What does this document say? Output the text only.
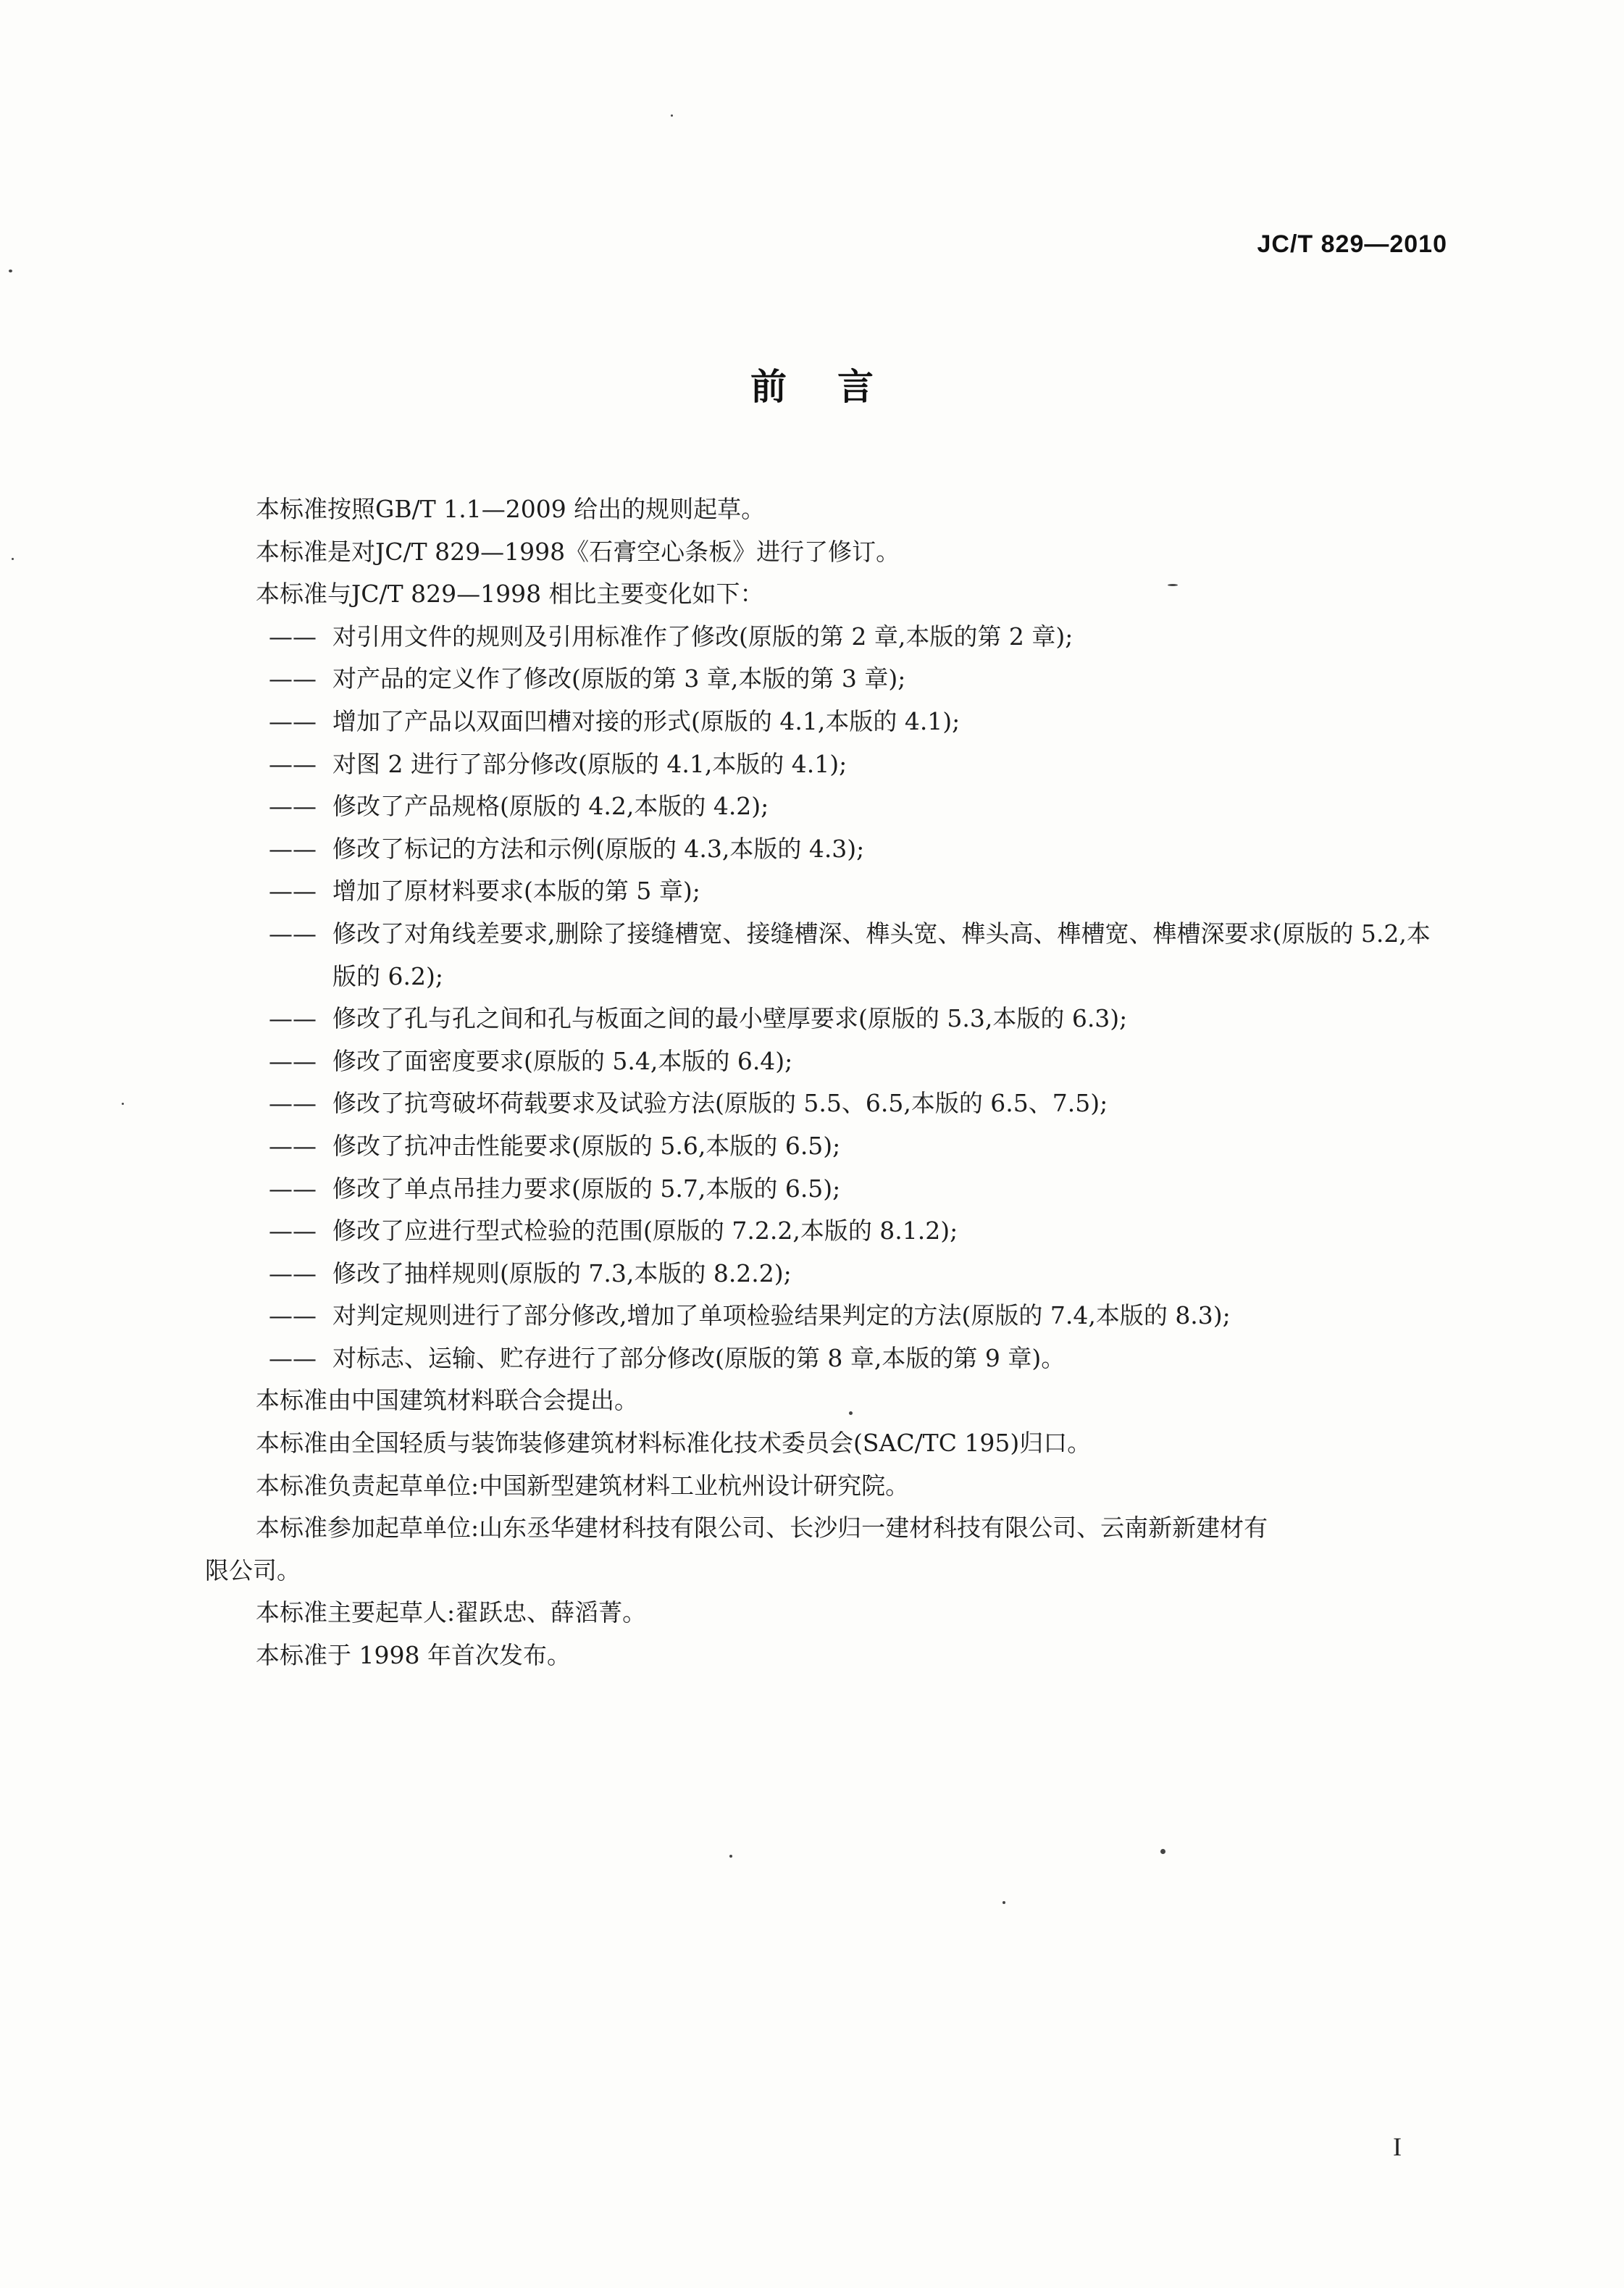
JC/T 829—2010
前言

本标准按照GB/T 1.1—2009 给出的规则起草。

本标准是对JC/T 829—1998《石膏空心条板》进行了修订。

本标准与JC/T 829—1998 相比主要变化如下：

—— 对引用文件的规则及引用标准作了修改(原版的第 2 章,本版的第 2 章);

—— 对产品的定义作了修改(原版的第 3 章,本版的第 3 章);

—— 增加了产品以双面凹槽对接的形式(原版的 4.1,本版的 4.1);

—— 对图 2 进行了部分修改(原版的 4.1,本版的 4.1);

—— 修改了产品规格(原版的 4.2,本版的 4.2);

—— 修改了标记的方法和示例(原版的 4.3,本版的 4.3);

—— 增加了原材料要求(本版的第 5 章);

—— 修改了对角线差要求,删除了接缝槽宽、接缝槽深、榫头宽、榫头高、榫槽宽、榫槽深要求(原版的 5.2,本版的 6.2);

—— 修改了孔与孔之间和孔与板面之间的最小壁厚要求(原版的 5.3,本版的 6.3);

—— 修改了面密度要求(原版的 5.4,本版的 6.4);

—— 修改了抗弯破坏荷载要求及试验方法(原版的 5.5、6.5,本版的 6.5、7.5);

—— 修改了抗冲击性能要求(原版的 5.6,本版的 6.5);

—— 修改了单点吊挂力要求(原版的 5.7,本版的 6.5);

—— 修改了应进行型式检验的范围(原版的 7.2.2,本版的 8.1.2);

—— 修改了抽样规则(原版的 7.3,本版的 8.2.2);

—— 对判定规则进行了部分修改,增加了单项检验结果判定的方法(原版的 7.4,本版的 8.3);

—— 对标志、运输、贮存进行了部分修改(原版的第 8 章,本版的第 9 章)。

本标准由中国建筑材料联合会提出。

本标准由全国轻质与装饰装修建筑材料标准化技术委员会(SAC/TC 195)归口。

本标准负责起草单位:中国新型建筑材料工业杭州设计研究院。

本标准参加起草单位:山东丞华建材科技有限公司、长沙归一建材科技有限公司、云南新新建材有

限公司。

本标准主要起草人:翟跃忠、薛滔菁。

本标准于 1998 年首次发布。

I
